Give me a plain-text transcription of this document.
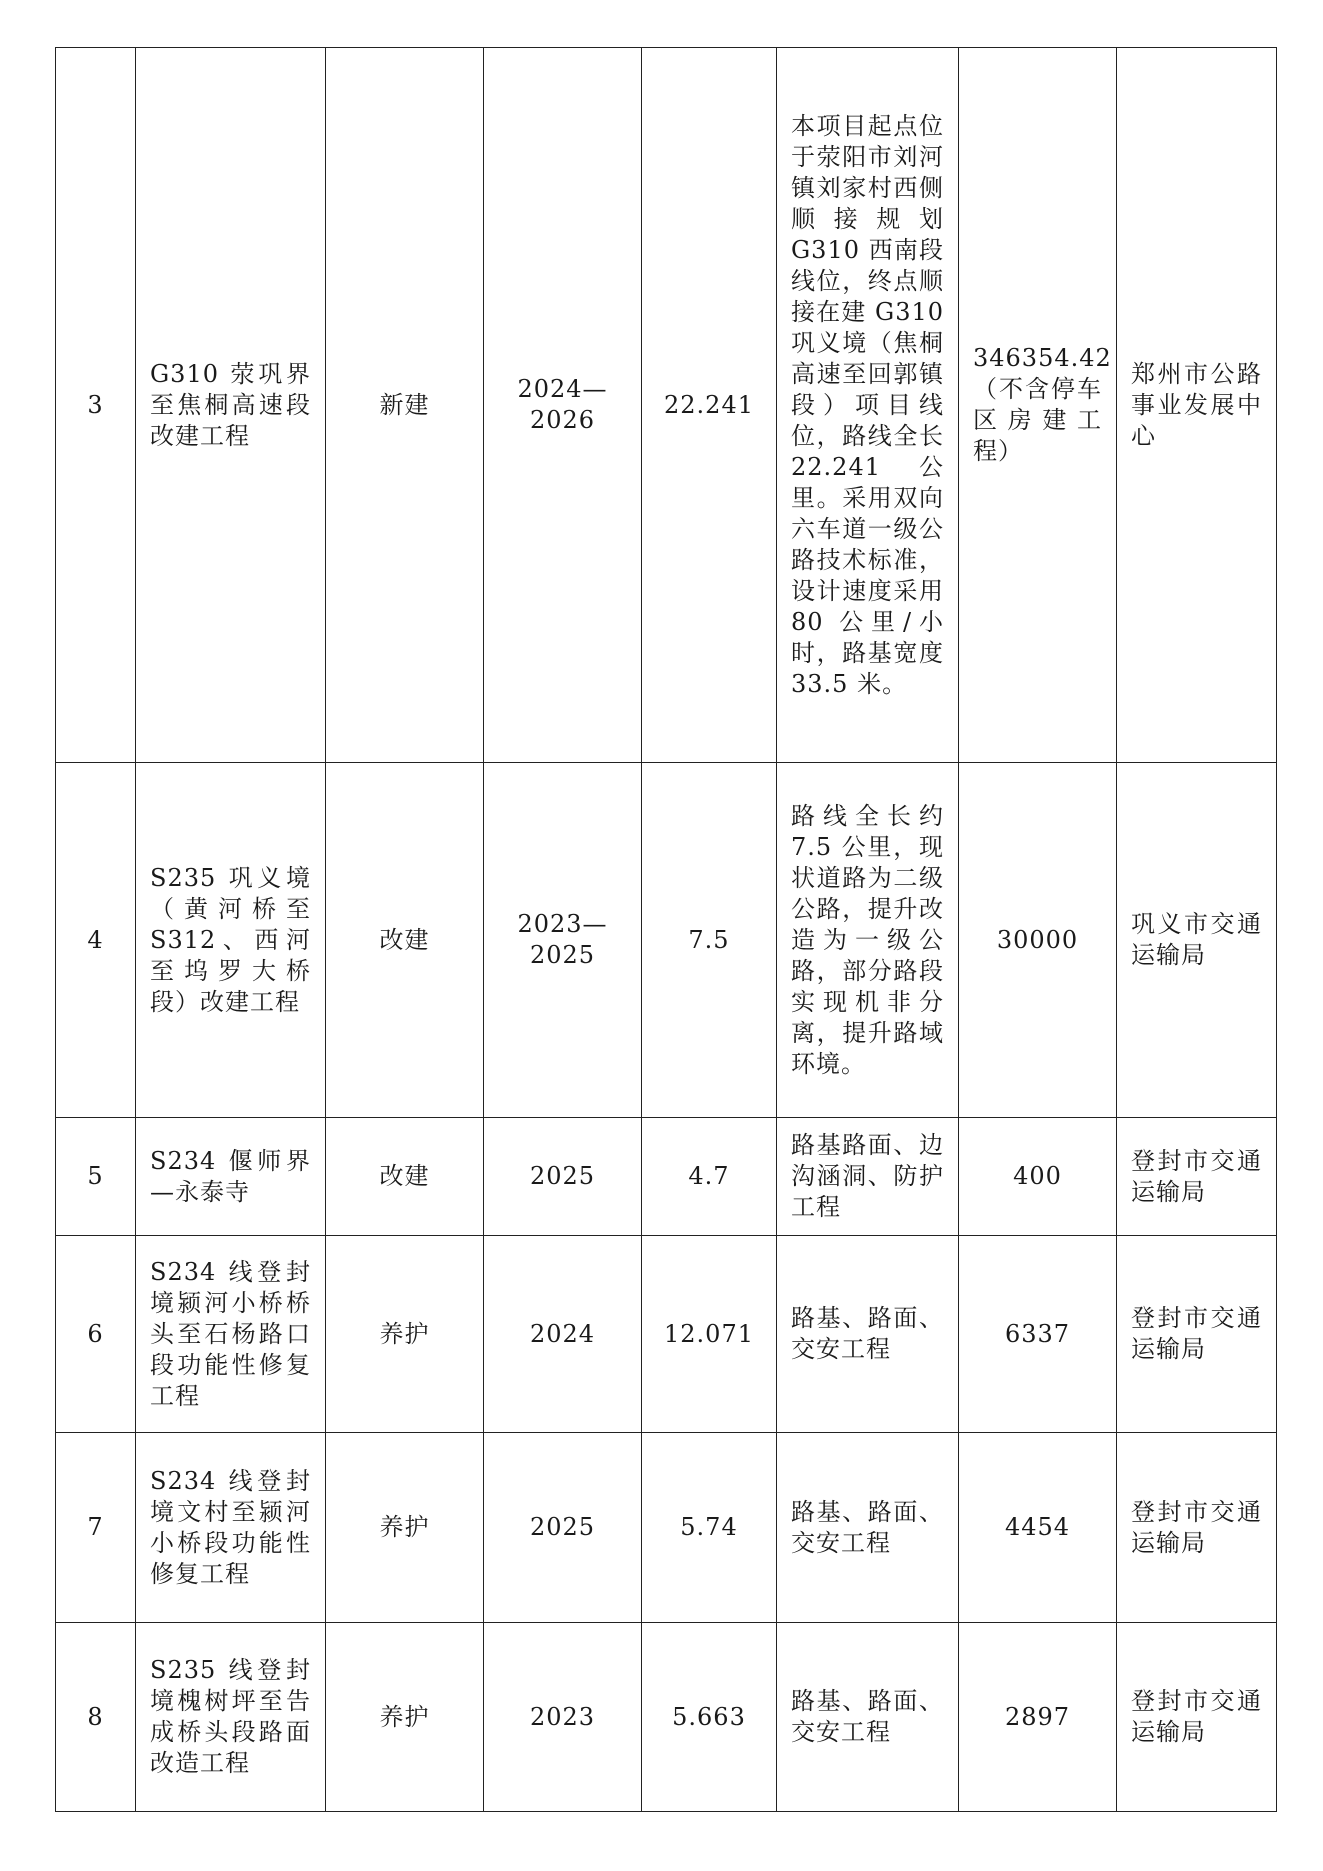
3	G310 荥巩界至焦桐高速段改建工程	新建	2024—2026	22.241	本项目起点位于荥阳市刘河镇刘家村西侧顺接规划 G310 西南段线位，终点顺接在建 G310 巩义境（焦桐高速至回郭镇段）项目线位，路线全长 22.241 公里。采用双向六车道一级公路技术标准，设计速度采用 80 公里/小时，路基宽度 33.5 米。	346354.42（不含停车区房建工程）	郑州市公路事业发展中心
4	S235 巩义境（黄河桥至 S312、西河至坞罗大桥段）改建工程	改建	2023—2025	7.5	路线全长约 7.5 公里，现状道路为二级公路，提升改造为一级公路，部分路段实现机非分离，提升路域环境。	30000	巩义市交通运输局
5	S234 偃师界—永泰寺	改建	2025	4.7	路基路面、边沟涵洞、防护工程	400	登封市交通运输局
6	S234 线登封境颍河小桥桥头至石杨路口段功能性修复工程	养护	2024	12.071	路基、路面、交安工程	6337	登封市交通运输局
7	S234 线登封境文村至颍河小桥段功能性修复工程	养护	2025	5.74	路基、路面、交安工程	4454	登封市交通运输局
8	S235 线登封境槐树坪至告成桥头段路面改造工程	养护	2023	5.663	路基、路面、交安工程	2897	登封市交通运输局
